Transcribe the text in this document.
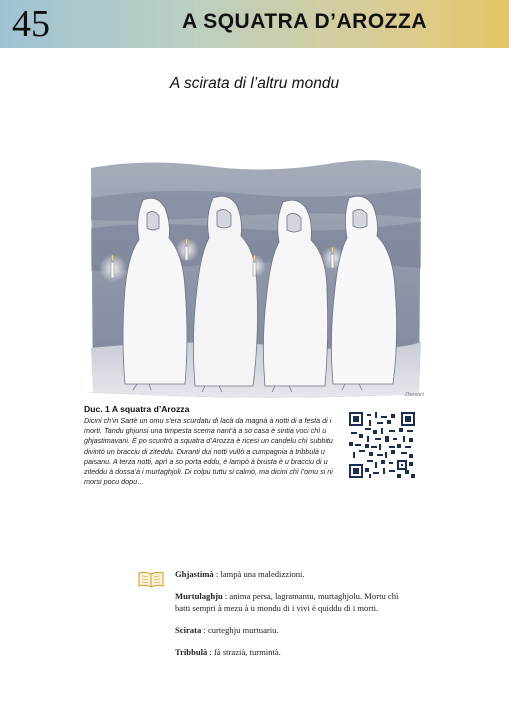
45	A SQUATRA D’AROZZA
A scirata di l’altru mondu
Dussart
Duc. 1 A squatra d’Arozza
Dicini ch’in Sartè un omu s’era scurdatu di lacà da magnà à notti di a festa di i morti. Tandu ghjunsi una timpesta scema nant’à a so casa è sintia voci chì u ghjastimavani. È po scuntrò a squatra d’Arozza è ricesi un candelu chì subbitu divintò un bracciu di ziteddu. Duranti dui notti vultò a cumpagnia à tribbulà u paisanu. A terza notti, aprì a so porta eddu, è lampò à brusta è u bracciu di u ziteddu à dossa’à i murtaghjoli. Di colpu tuttu si calmò, ma dicini chì l’omu si ni morsi pocu dopu…
Ghjastimà : lampà una maledizzioni.
Murtulaghju : anima persa, lagramantu, murtaghjolu. Mortu chì batti sempri à mezu à u mondu di i vivi è quiddu di i morti.
Scirata : curteghju murtuariu.
Tribbulà : fà strazià, turmintà.
